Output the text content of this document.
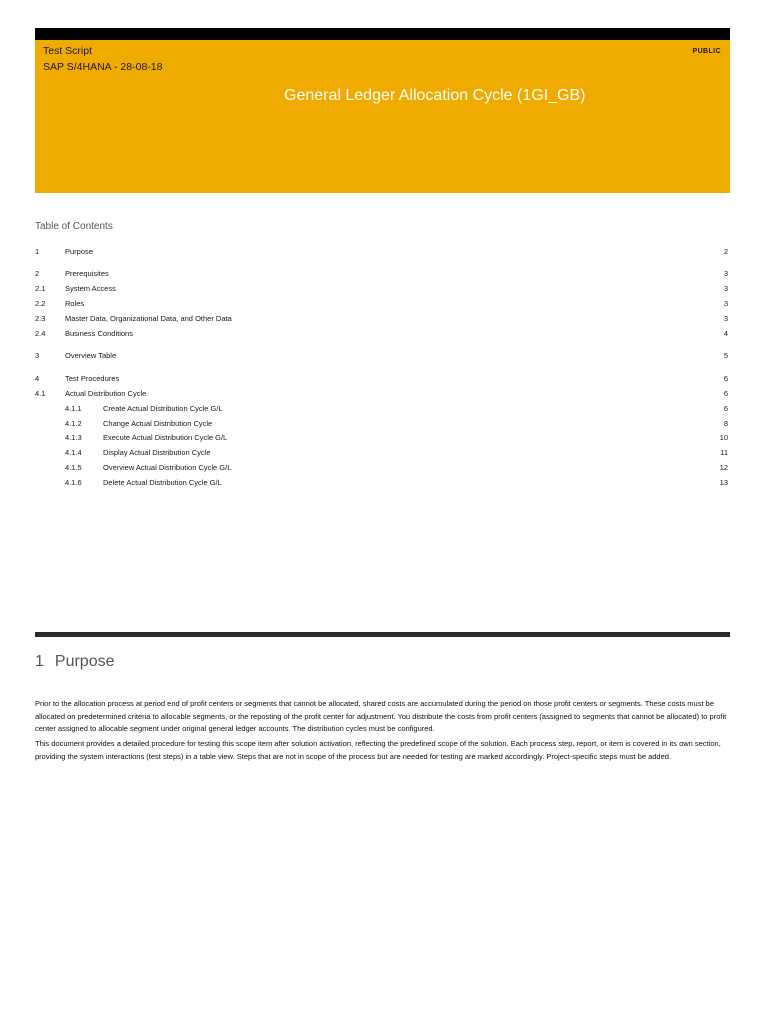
Test Script
SAP S/4HANA - 28-08-18
PUBLIC
General Ledger Allocation Cycle (1GI_GB)
Table of Contents
1	Purpose	2
2	Prerequisites	3
2.1	System Access	3
2.2	Roles	3
2.3	Master Data, Organizational Data, and Other Data	3
2.4	Business Conditions	4
3	Overview Table	5
4	Test Procedures	6
4.1	Actual Distribution Cycle	6
4.1.1	Create Actual Distribution Cycle G/L	6
4.1.2	Change Actual Distribution Cycle	8
4.1.3	Execute Actual Distribution Cycle G/L	10
4.1.4	Display Actual Distribution Cycle	11
4.1.5	Overview Actual Distribution Cycle G/L	12
4.1.6	Delete Actual Distribution Cycle G/L	13
1 Purpose

Prior to the allocation process at period end of profit centers or segments that cannot be allocated, shared costs are accumulated during the period on those profit centers or segments. These costs must be allocated on predetermined criteria to allocable segments, or the reposting of the profit center for adjustment. You distribute the costs from profit centers (assigned to segments that cannot be allocated) to profit center assigned to allocable segment under original general ledger accounts. The distribution cycles must be configured.

This document provides a detailed procedure for testing this scope item after solution activation, reflecting the predefined scope of the solution. Each process step, report, or item is covered in its own section, providing the system interactions (test steps) in a table view. Steps that are not in scope of the process but are needed for testing are marked accordingly. Project-specific steps must be added.
